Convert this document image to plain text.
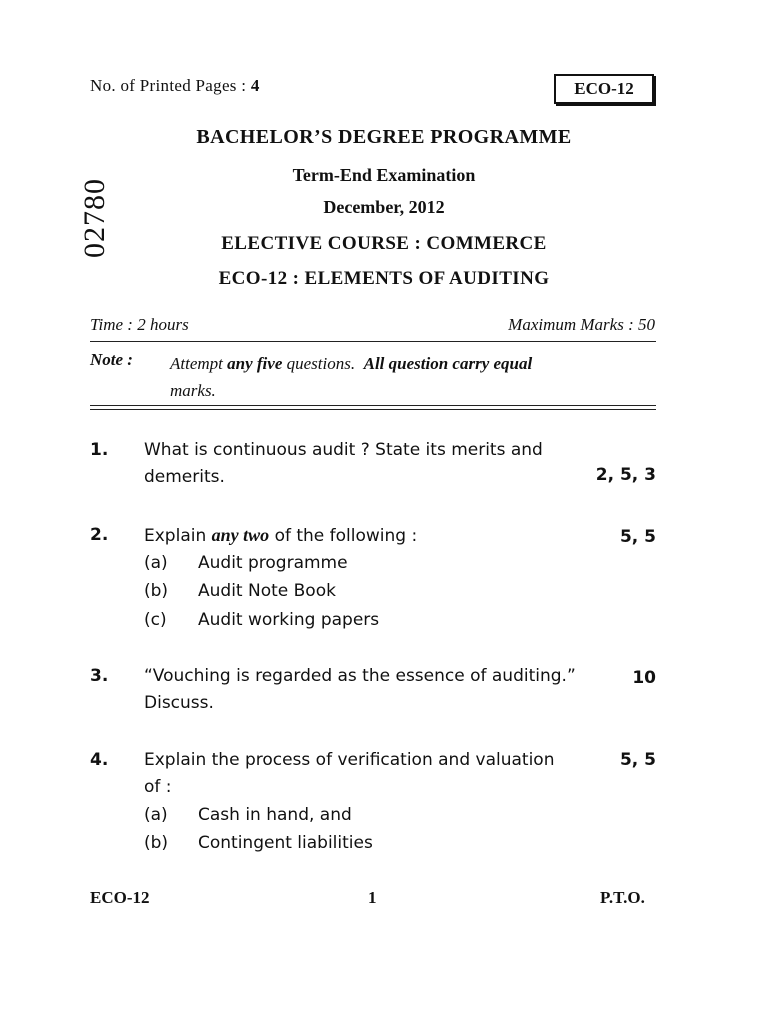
No. of Printed Pages : 4	ECO-12
02780
BACHELOR’S DEGREE PROGRAMME
Term-End Examination
December, 2012
ELECTIVE COURSE : COMMERCE
ECO-12 : ELEMENTS OF AUDITING
Time : 2 hours	Maximum Marks : 50
Note : Attempt any five questions. All question carry equal
marks.
1. What is continuous audit ? State its merits and
demerits.	2, 5, 3
2. Explain any two of the following :	5, 5
(a) Audit programme
(b) Audit Note Book
(c) Audit working papers
3. “Vouching is regarded as the essence of auditing.”
Discuss.
10
4. Explain the process of verification and valuation
of :
5, 5
(a) Cash in hand, and
(b) Contingent liabilities
ECO-12	1	P.T.O.
